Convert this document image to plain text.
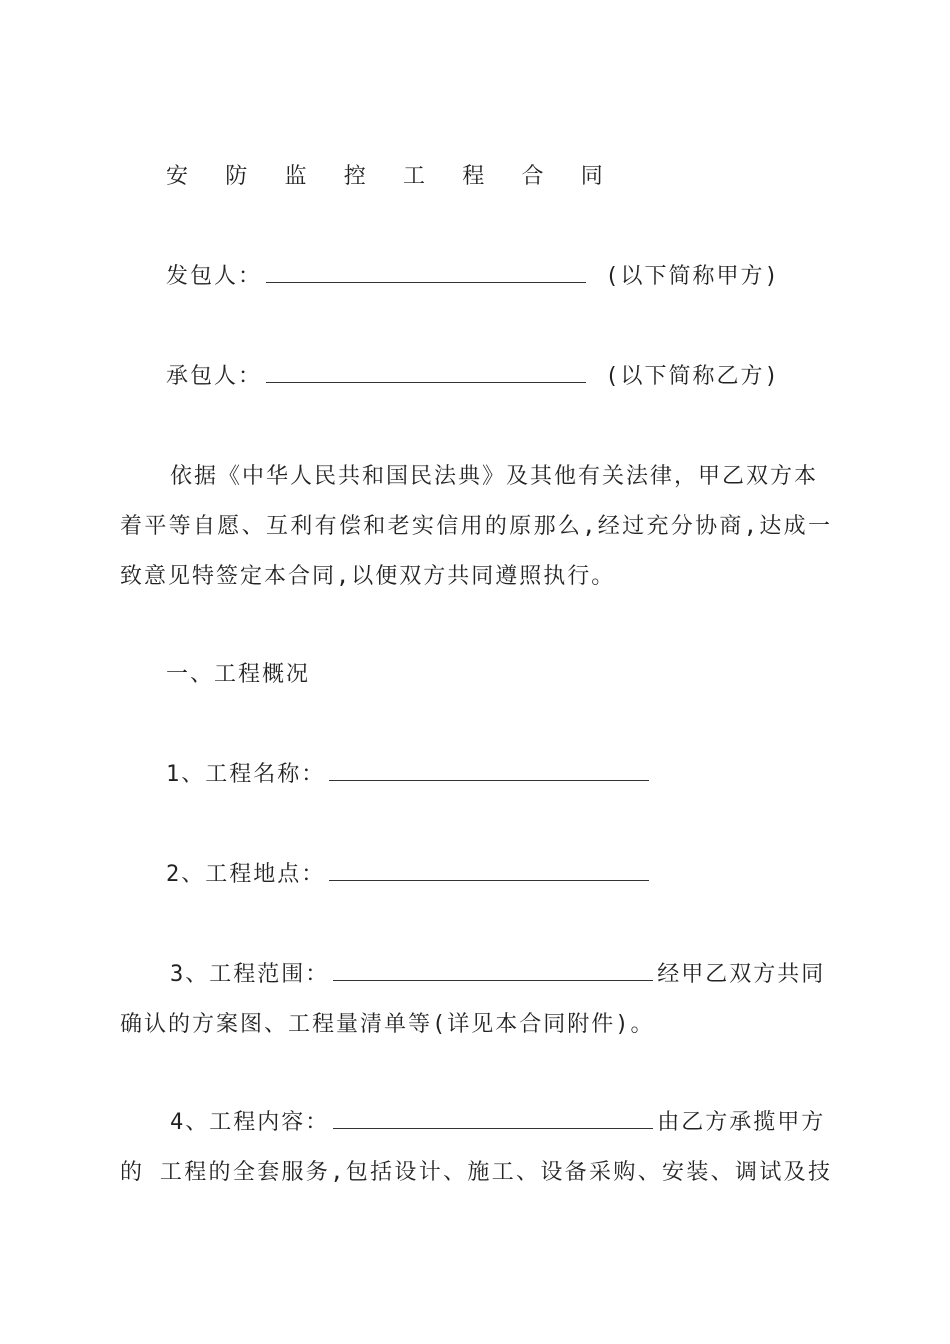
安 防 监 控 工 程 合 同
发包人：	(以下简称甲方)
承包人：	(以下简称乙方)
依据《中华人民共和国民法典》及其他有关法律，甲乙双方本
着平等自愿、互利有偿和老实信用的原那么,经过充分协商,达成一
致意见特签定本合同,以便双方共同遵照执行。
一、工程概况
1、工程名称：
2、工程地点：
3、工程范围：	经甲乙双方共同
确认的方案图、工程量清单等(详见本合同附件)。
4、工程内容：	由乙方承揽甲方
的 工程的全套服务,包括设计、施工、设备采购、安装、调试及技
